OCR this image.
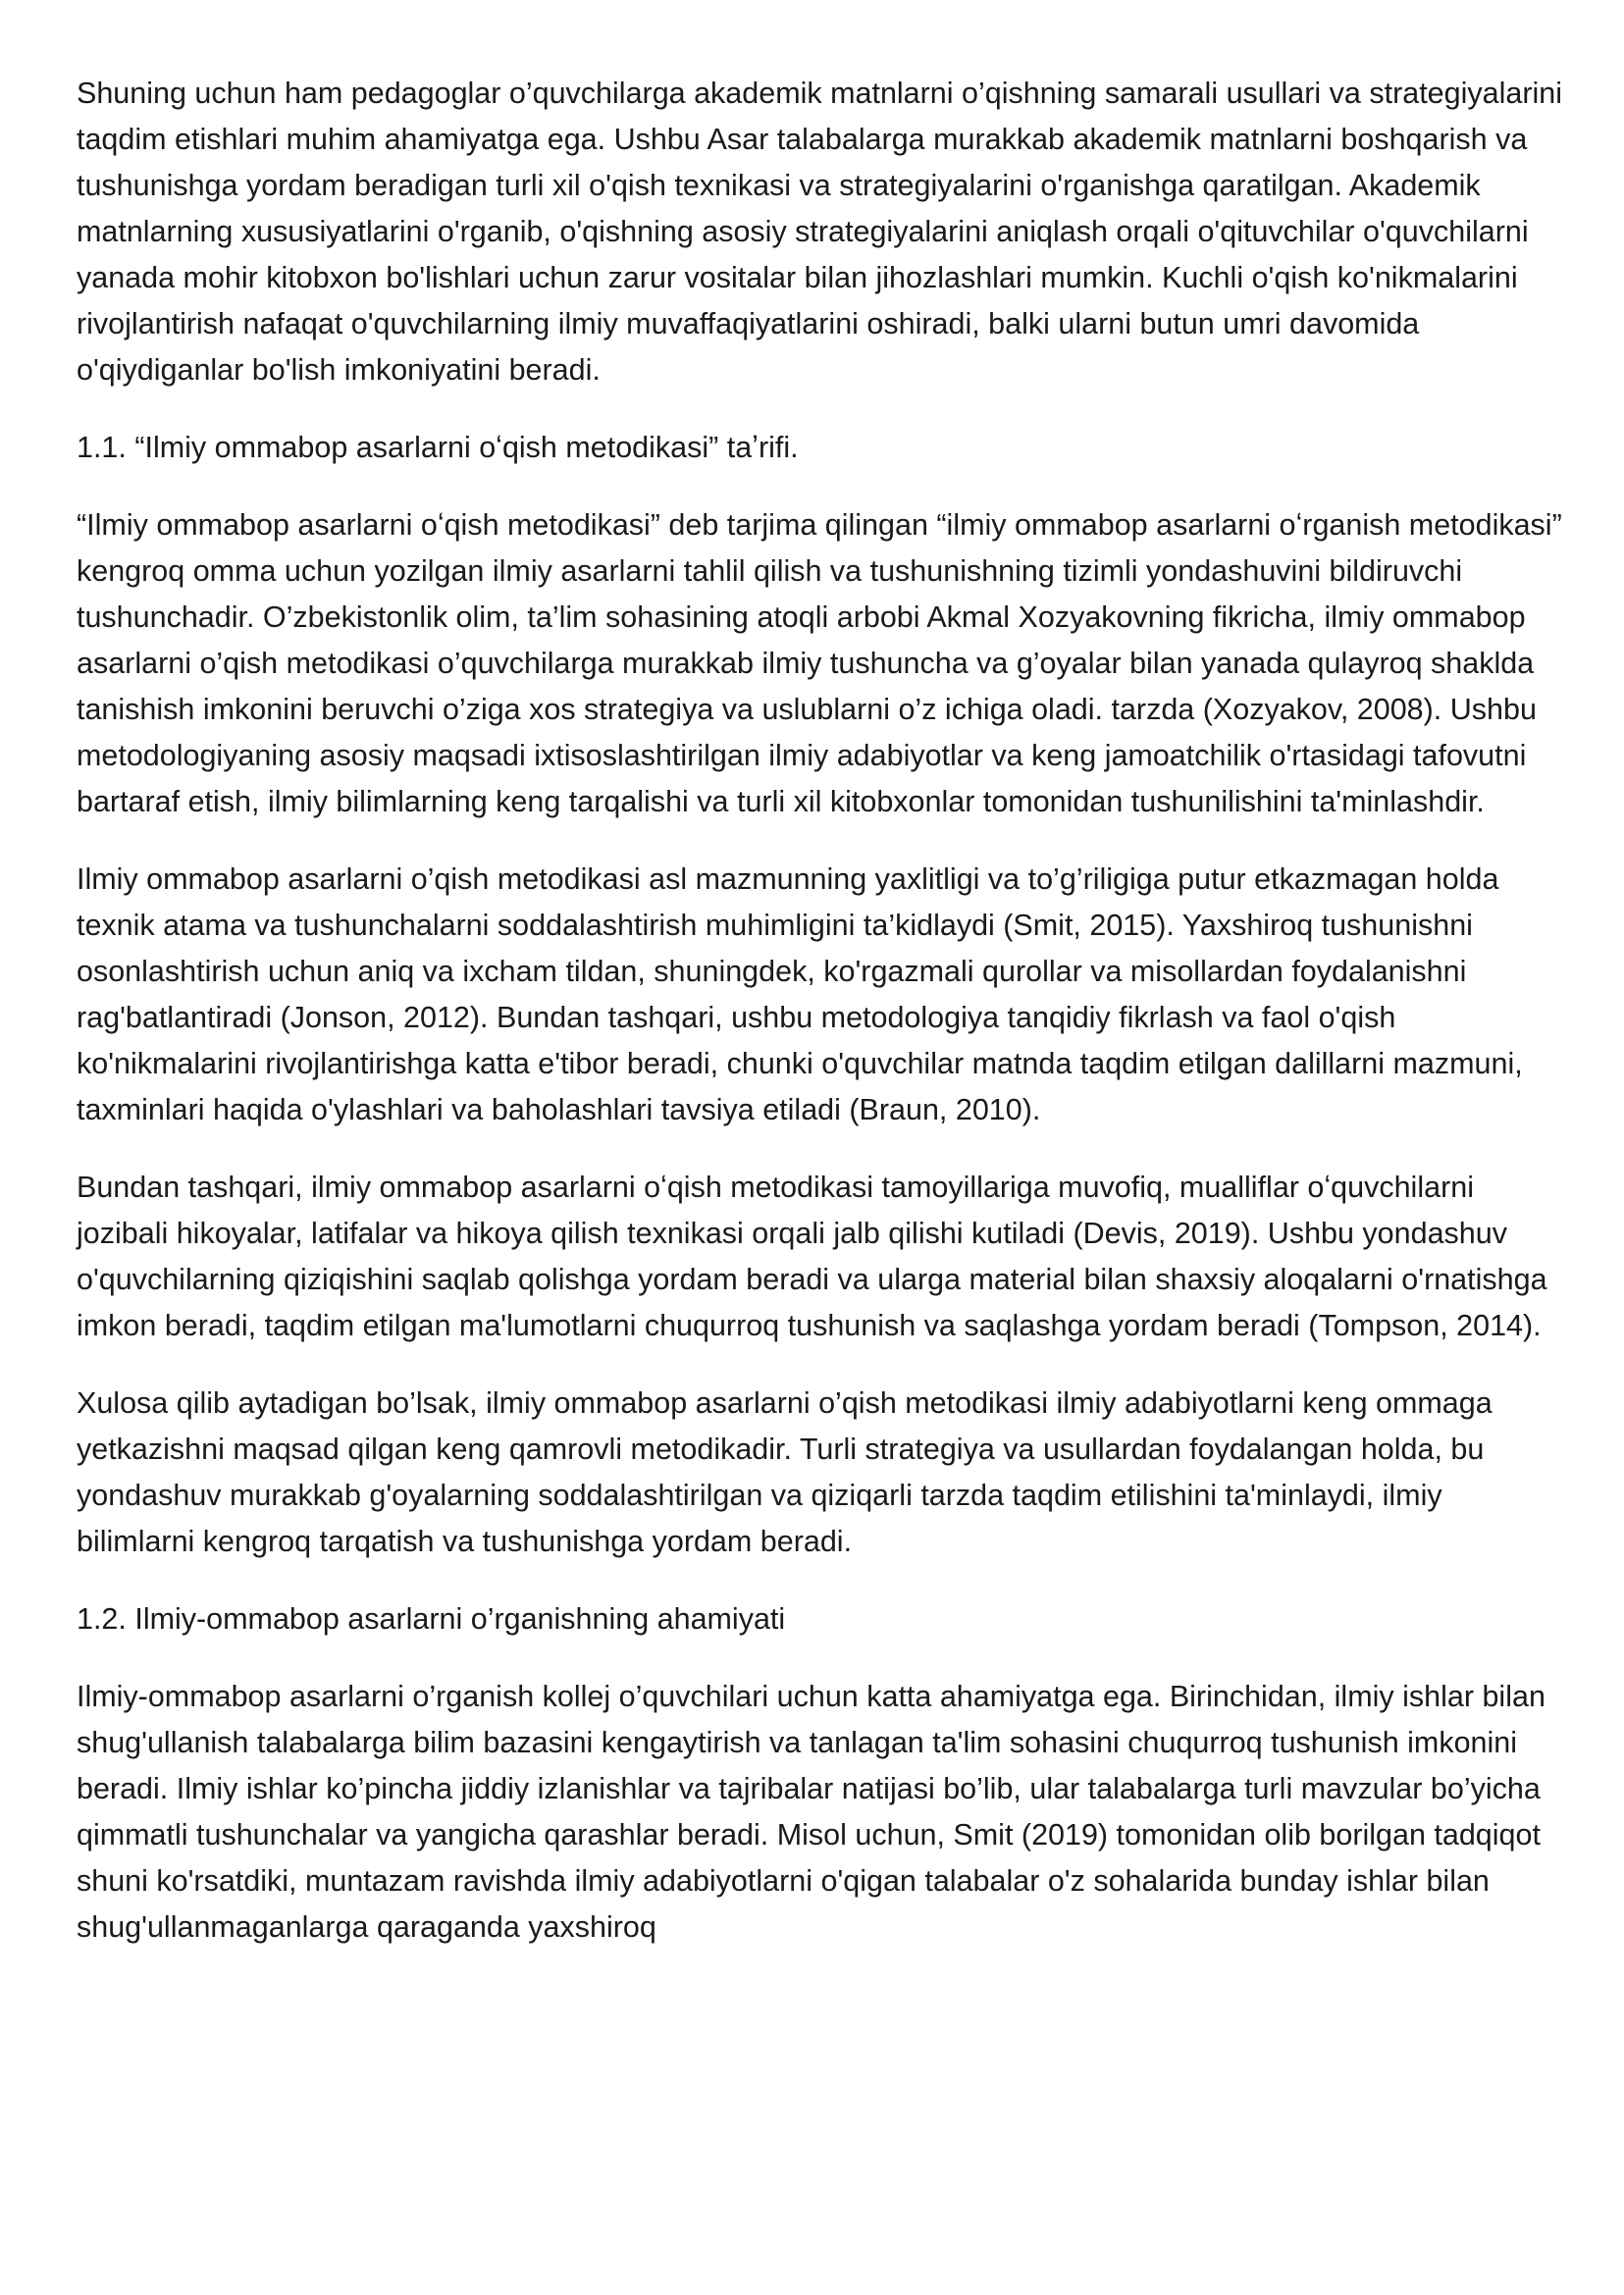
Shuning uchun ham pedagoglar o’quvchilarga akademik matnlarni o’qishning samarali usullari va strategiyalarini taqdim etishlari muhim ahamiyatga ega. Ushbu Asar talabalarga murakkab akademik matnlarni boshqarish va tushunishga yordam beradigan turli xil o'qish texnikasi va strategiyalarini o'rganishga qaratilgan. Akademik matnlarning xususiyatlarini o'rganib, o'qishning asosiy strategiyalarini aniqlash orqali o'qituvchilar o'quvchilarni yanada mohir kitobxon bo'lishlari uchun zarur vositalar bilan jihozlashlari mumkin. Kuchli o'qish ko'nikmalarini rivojlantirish nafaqat o'quvchilarning ilmiy muvaffaqiyatlarini oshiradi, balki ularni butun umri davomida o'qiydiganlar bo'lish imkoniyatini beradi.

1.1. “Ilmiy ommabop asarlarni oʻqish metodikasi” taʼrifi.

“Ilmiy ommabop asarlarni oʻqish metodikasi” deb tarjima qilingan “ilmiy ommabop asarlarni oʻrganish metodikasi” kengroq omma uchun yozilgan ilmiy asarlarni tahlil qilish va tushunishning tizimli yondashuvini bildiruvchi tushunchadir. O’zbekistonlik olim, ta’lim sohasining atoqli arbobi Akmal Xozyakovning fikricha, ilmiy ommabop asarlarni o’qish metodikasi o’quvchilarga murakkab ilmiy tushuncha va g’oyalar bilan yanada qulayroq shaklda tanishish imkonini beruvchi o’ziga xos strategiya va uslublarni o’z ichiga oladi. tarzda (Xozyakov, 2008). Ushbu metodologiyaning asosiy maqsadi ixtisoslashtirilgan ilmiy adabiyotlar va keng jamoatchilik o'rtasidagi tafovutni bartaraf etish, ilmiy bilimlarning keng tarqalishi va turli xil kitobxonlar tomonidan tushunilishini ta'minlashdir.

Ilmiy ommabop asarlarni o’qish metodikasi asl mazmunning yaxlitligi va to’g’riligiga putur etkazmagan holda texnik atama va tushunchalarni soddalashtirish muhimligini ta’kidlaydi (Smit, 2015). Yaxshiroq tushunishni osonlashtirish uchun aniq va ixcham tildan, shuningdek, ko'rgazmali qurollar va misollardan foydalanishni rag'batlantiradi (Jonson, 2012). Bundan tashqari, ushbu metodologiya tanqidiy fikrlash va faol o'qish ko'nikmalarini rivojlantirishga katta e'tibor beradi, chunki o'quvchilar matnda taqdim etilgan dalillarni mazmuni, taxminlari haqida o'ylashlari va baholashlari tavsiya etiladi (Braun, 2010).

Bundan tashqari, ilmiy ommabop asarlarni oʻqish metodikasi tamoyillariga muvofiq, mualliflar oʻquvchilarni jozibali hikoyalar, latifalar va hikoya qilish texnikasi orqali jalb qilishi kutiladi (Devis, 2019). Ushbu yondashuv o'quvchilarning qiziqishini saqlab qolishga yordam beradi va ularga material bilan shaxsiy aloqalarni o'rnatishga imkon beradi, taqdim etilgan ma'lumotlarni chuqurroq tushunish va saqlashga yordam beradi (Tompson, 2014).

Xulosa qilib aytadigan bo’lsak, ilmiy ommabop asarlarni o’qish metodikasi ilmiy adabiyotlarni keng ommaga yetkazishni maqsad qilgan keng qamrovli metodikadir. Turli strategiya va usullardan foydalangan holda, bu yondashuv murakkab g'oyalarning soddalashtirilgan va qiziqarli tarzda taqdim etilishini ta'minlaydi, ilmiy bilimlarni kengroq tarqatish va tushunishga yordam beradi.

1.2. Ilmiy-ommabop asarlarni o’rganishning ahamiyati

Ilmiy-ommabop asarlarni o’rganish kollej o’quvchilari uchun katta ahamiyatga ega. Birinchidan, ilmiy ishlar bilan shug'ullanish talabalarga bilim bazasini kengaytirish va tanlagan ta'lim sohasini chuqurroq tushunish imkonini beradi. Ilmiy ishlar ko’pincha jiddiy izlanishlar va tajribalar natijasi bo’lib, ular talabalarga turli mavzular bo’yicha qimmatli tushunchalar va yangicha qarashlar beradi. Misol uchun, Smit (2019) tomonidan olib borilgan tadqiqot shuni ko'rsatdiki, muntazam ravishda ilmiy adabiyotlarni o'qigan talabalar o'z sohalarida bunday ishlar bilan shug'ullanmaganlarga qaraganda yaxshiroq
